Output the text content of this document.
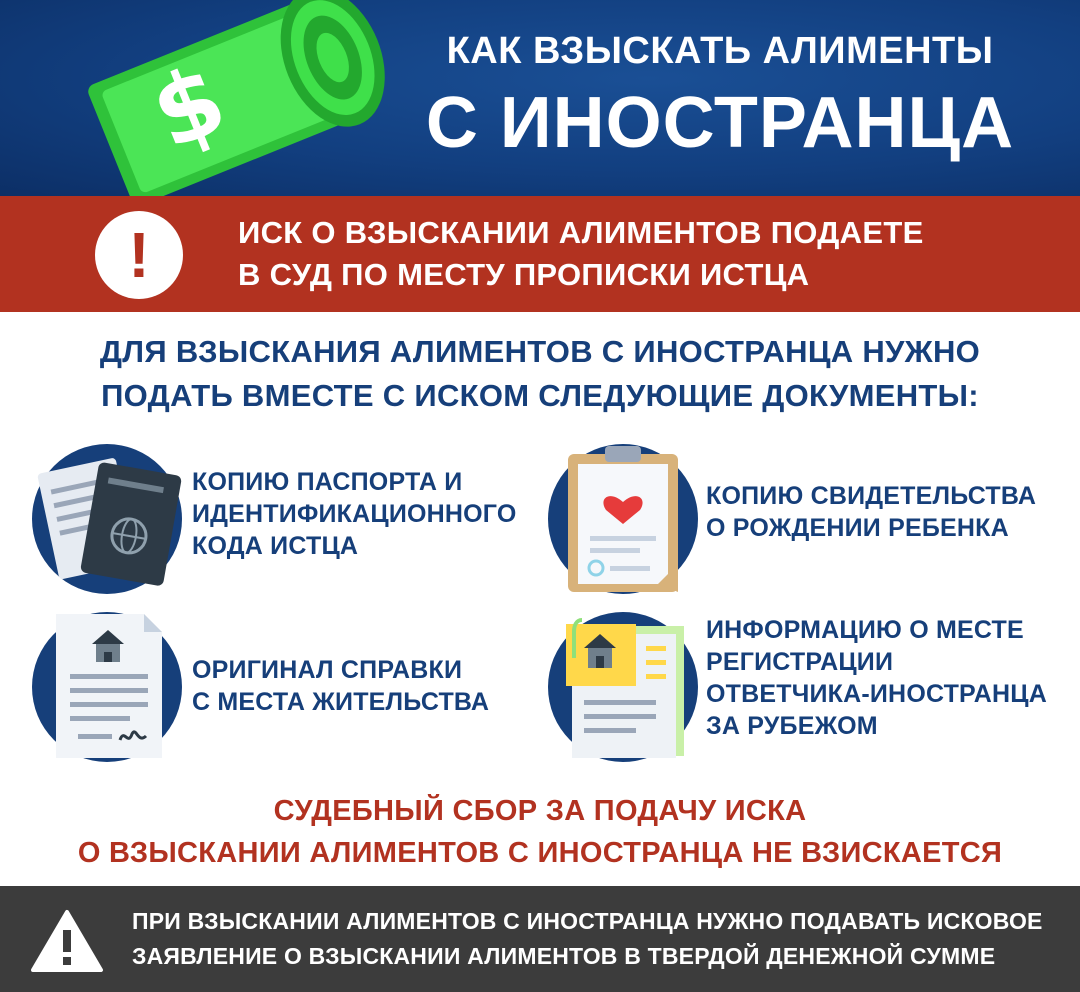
$	КАК ВЗЫСКАТЬ АЛИМЕНТЫ
С ИНОСТРАНЦА
!	ИСК О ВЗЫСКАНИИ АЛИМЕНТОВ ПОДАЕТЕ
В СУД ПО МЕСТУ ПРОПИСКИ ИСТЦА
ДЛЯ ВЗЫСКАНИЯ АЛИМЕНТОВ С ИНОСТРАНЦА НУЖНО
ПОДАТЬ ВМЕСТЕ С ИСКОМ СЛЕДУЮЩИЕ ДОКУМЕНТЫ:
КОПИЮ ПАСПОРТА И
ИДЕНТИФИКАЦИОННОГО
КОДА ИСТЦА
КОПИЮ СВИДЕТЕЛЬСТВА
О РОЖДЕНИИ РЕБЕНКА
ОРИГИНАЛ СПРАВКИ
С МЕСТА ЖИТЕЛЬСТВА
ИНФОРМАЦИЮ О МЕСТЕ
РЕГИСТРАЦИИ
ОТВЕТЧИКА-ИНОСТРАНЦА
ЗА РУБЕЖОМ
СУДЕБНЫЙ СБОР ЗА ПОДАЧУ ИСКА
О ВЗЫСКАНИИ АЛИМЕНТОВ С ИНОСТРАНЦА НЕ ВЗИСКАЕТСЯ
ПРИ ВЗЫСКАНИИ АЛИМЕНТОВ С ИНОСТРАНЦА НУЖНО ПОДАВАТЬ ИСКОВОЕ
ЗАЯВЛЕНИЕ О ВЗЫСКАНИИ АЛИМЕНТОВ В ТВЕРДОЙ ДЕНЕЖНОЙ СУММЕ
